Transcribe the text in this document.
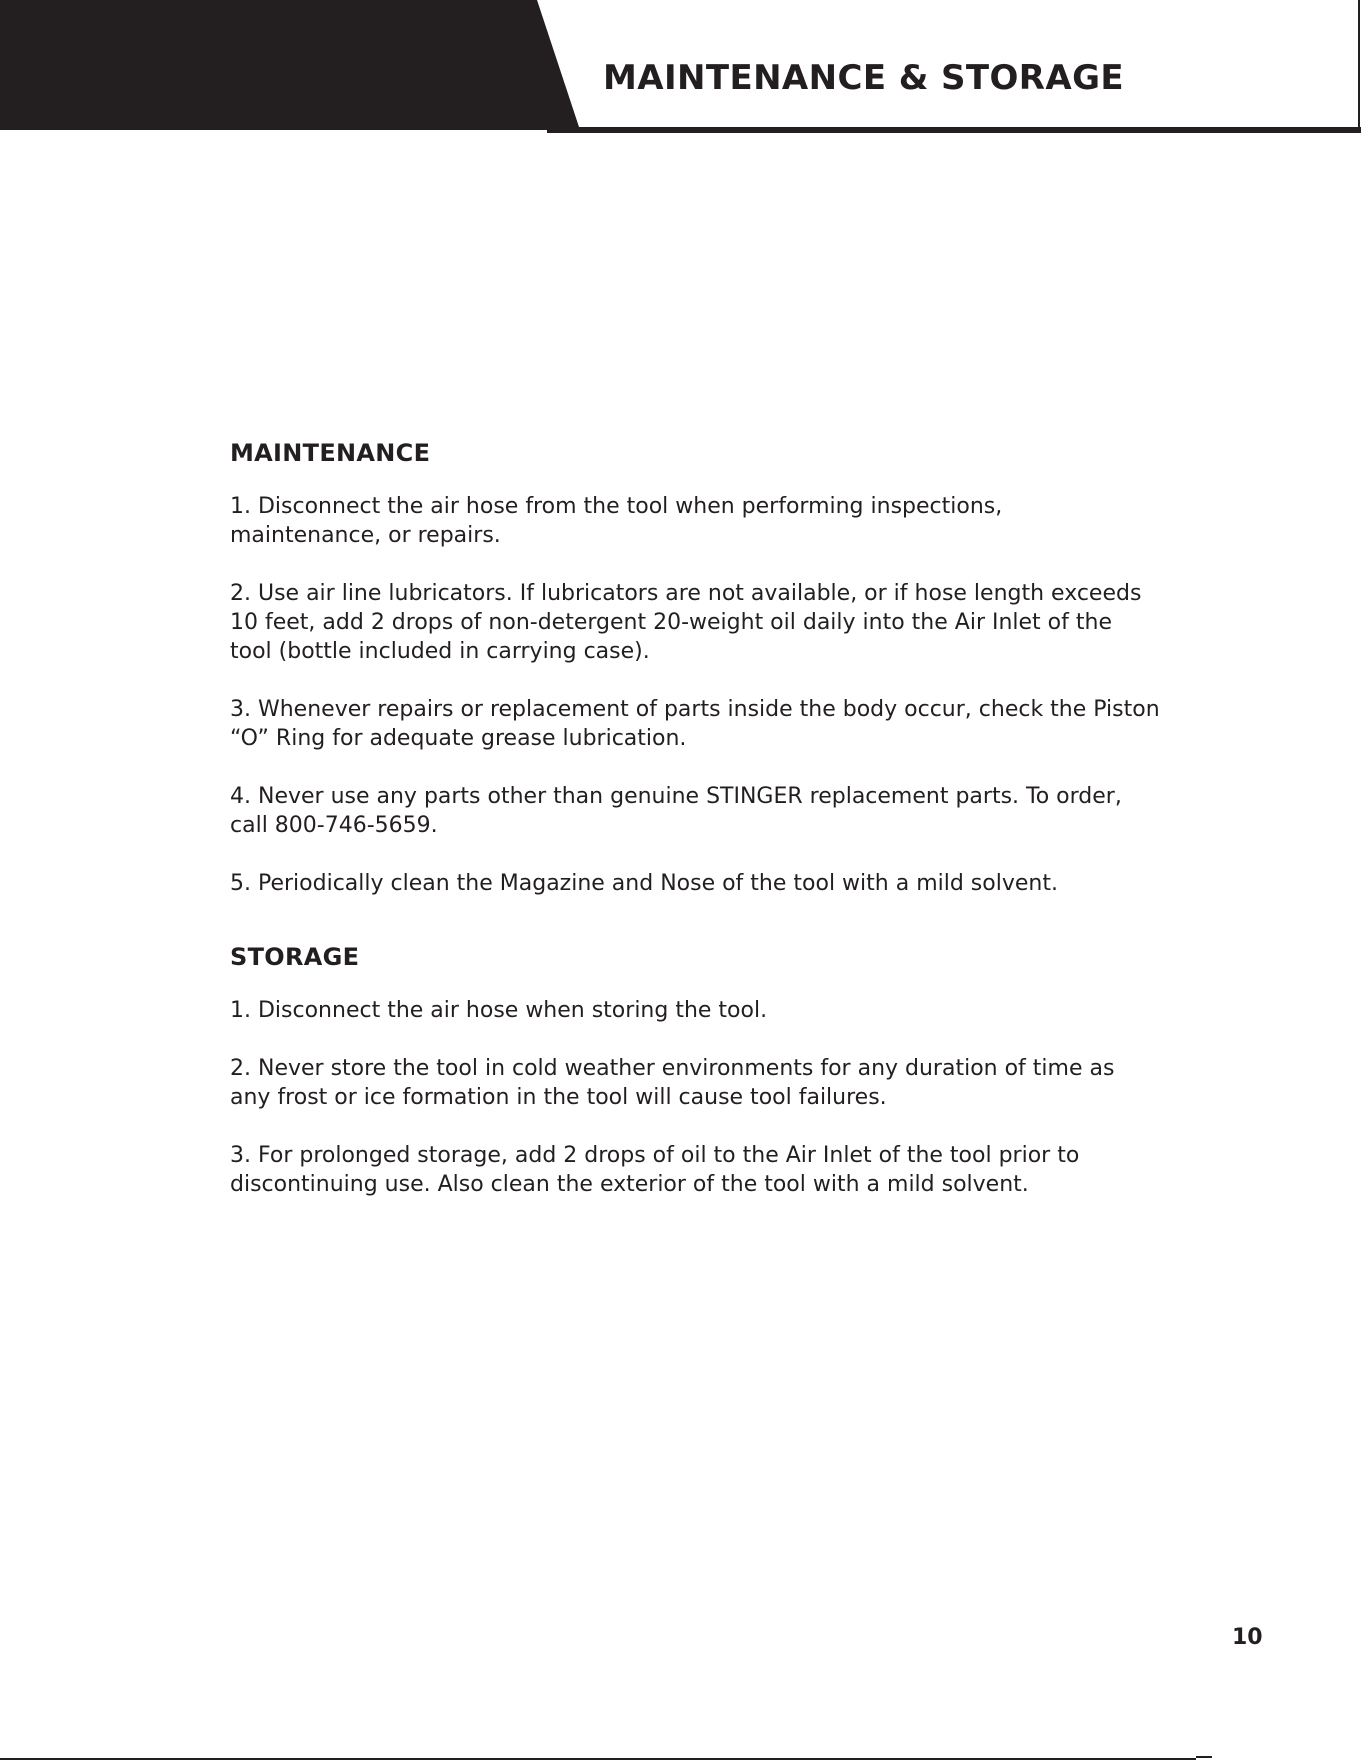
MAINTENANCE & STORAGE
MAINTENANCE

1. Disconnect the air hose from the tool when performing inspections, maintenance, or repairs.

2. Use air line lubricators. If lubricators are not available, or if hose length exceeds 10 feet, add 2 drops of non-detergent 20-weight oil daily into the Air Inlet of the tool (bottle included in carrying case).

3. Whenever repairs or replacement of parts inside the body occur, check the Piston “O” Ring for adequate grease lubrication.

4. Never use any parts other than genuine STINGER replacement parts. To order, call 800-746-5659.

5. Periodically clean the Magazine and Nose of the tool with a mild solvent.

STORAGE

1. Disconnect the air hose when storing the tool.

2. Never store the tool in cold weather environments for any duration of time as any frost or ice formation in the tool will cause tool failures.

3. For prolonged storage, add 2 drops of oil to the Air Inlet of the tool prior to discontinuing use. Also clean the exterior of the tool with a mild solvent.

10
